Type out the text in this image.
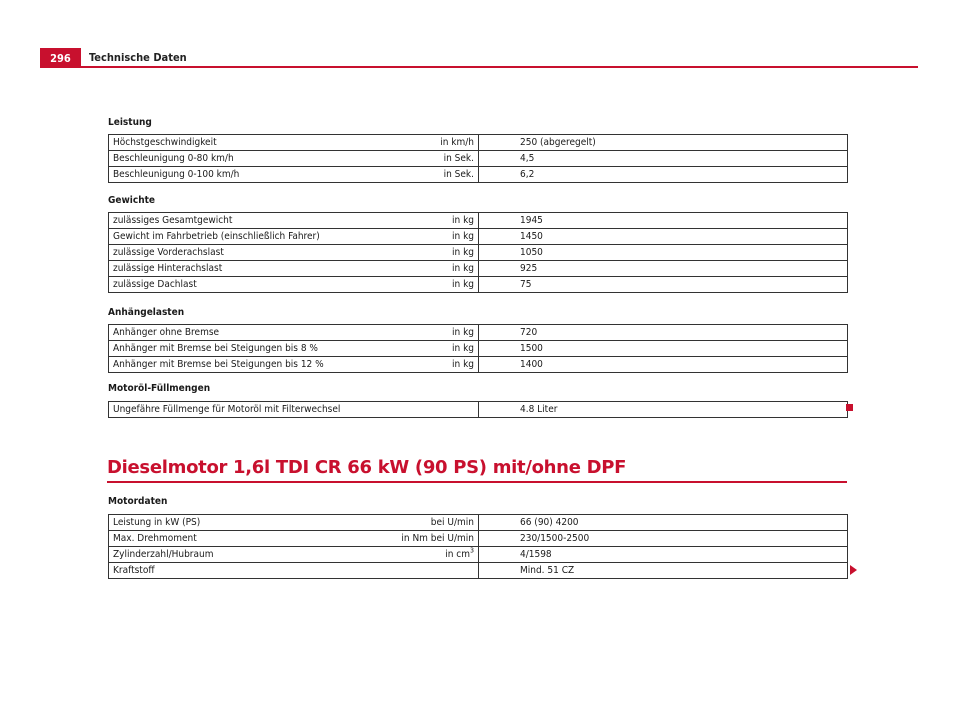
296	Technische Daten
Leistung
Höchstgeschwindigkeit	in km/h	250 (abgeregelt)
Beschleunigung 0-80 km/h	in Sek.	4,5
Beschleunigung 0-100 km/h	in Sek.	6,2
Gewichte
zulässiges Gesamtgewicht	in kg	1945
Gewicht im Fahrbetrieb (einschließlich Fahrer)	in kg	1450
zulässige Vorderachslast	in kg	1050
zulässige Hinterachslast	in kg	925
zulässige Dachlast	in kg	75
Anhängelasten
Anhänger ohne Bremse	in kg	720
Anhänger mit Bremse bei Steigungen bis 8 %	in kg	1500
Anhänger mit Bremse bei Steigungen bis 12 %	in kg	1400
Motoröl-Füllmengen
Ungefähre Füllmenge für Motoröl mit Filterwechsel		4.8 Liter
Dieselmotor 1,6l TDI CR 66 kW (90 PS) mit/ohne DPF
Motordaten
Leistung in kW (PS)	bei U/min	66 (90) 4200
Max. Drehmoment	in Nm bei U/min	230/1500-2500
Zylinderzahl/Hubraum	in $cm^3$	4/1598
Kraftstoff		Mind. 51 CZ
